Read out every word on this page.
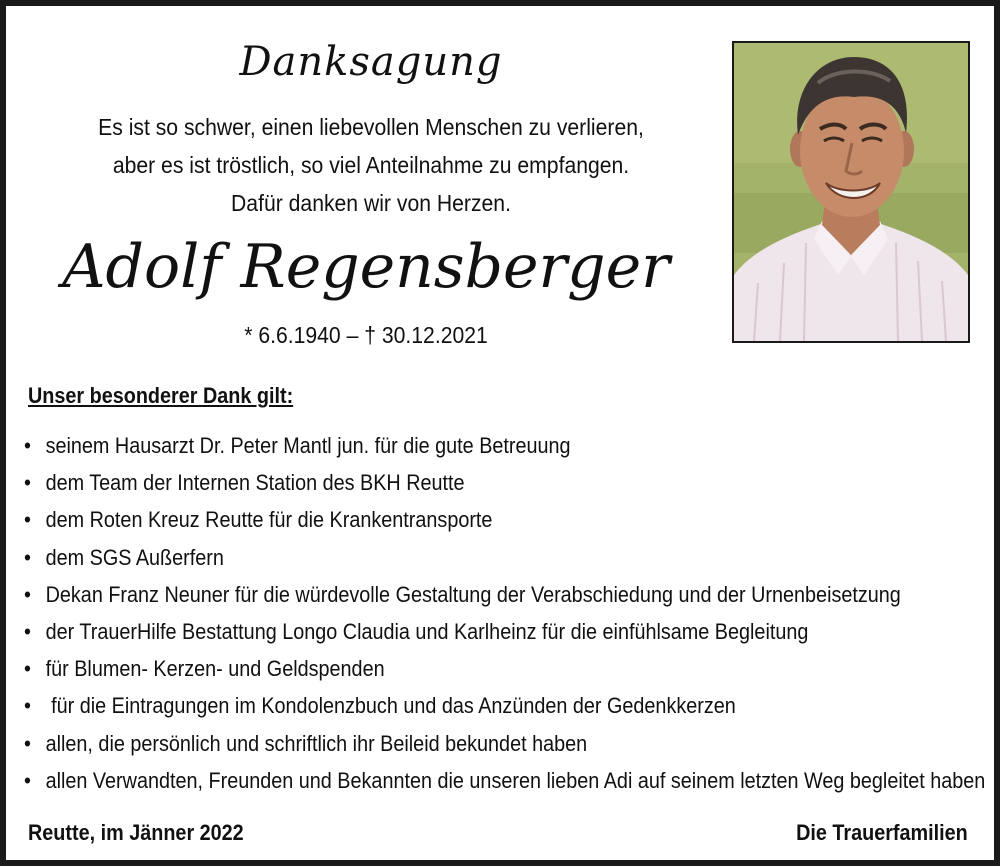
Danksagung
Es ist so schwer, einen liebevollen Menschen zu verlieren,
aber es ist tröstlich, so viel Anteilnahme zu empfangen.
Dafür danken wir von Herzen.
Adolf Regensberger
* 6.6.1940 – † 30.12.2021
Unser besonderer Dank gilt:
• seinem Hausarzt Dr. Peter Mantl jun. für die gute Betreuung
• dem Team der Internen Station des BKH Reutte
• dem Roten Kreuz Reutte für die Krankentransporte
• dem SGS Außerfern
• Dekan Franz Neuner für die würdevolle Gestaltung der Verabschiedung und der Urnenbeisetzung
• der TrauerHilfe Bestattung Longo Claudia und Karlheinz für die einfühlsame Begleitung
• für Blumen- Kerzen- und Geldspenden
• für die Eintragungen im Kondolenzbuch und das Anzünden der Gedenkkerzen
• allen, die persönlich und schriftlich ihr Beileid bekundet haben
• allen Verwandten, Freunden und Bekannten die unseren lieben Adi auf seinem letzten Weg begleitet haben
Reutte, im Jänner 2022	Die Trauerfamilien
